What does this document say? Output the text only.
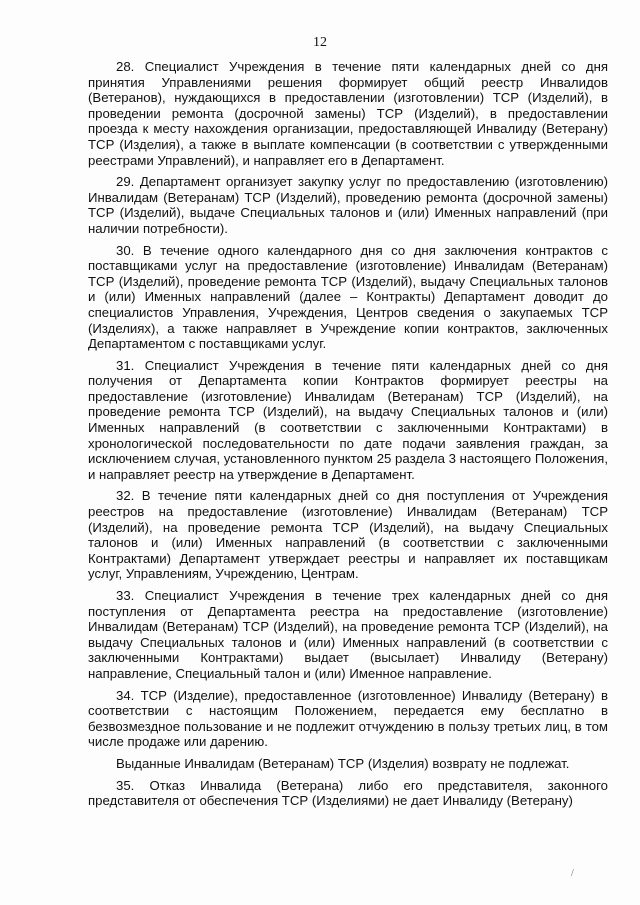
12

28. Специалист Учреждения в течение пяти календарных дней со дня принятия Управлениями решения формирует общий реестр Инвалидов (Ветеранов), нуждающихся в предоставлении (изготовлении) ТСР (Изделий), в проведении ремонта (досрочной замены) ТСР (Изделий), в предоставлении проезда к месту нахождения организации, предоставляющей Инвалиду (Ветерану) ТСР (Изделия), а также в выплате компенсации (в соответствии с утвержденными реестрами Управлений), и направляет его в Департамент.

29. Департамент организует закупку услуг по предоставлению (изготовлению) Инвалидам (Ветеранам) ТСР (Изделий), проведению ремонта (досрочной замены) ТСР (Изделий), выдаче Специальных талонов и (или) Именных направлений (при наличии потребности).

30. В течение одного календарного дня со дня заключения контрактов с поставщиками услуг на предоставление (изготовление) Инвалидам (Ветеранам) ТСР (Изделий), проведение ремонта ТСР (Изделий), выдачу Специальных талонов и (или) Именных направлений (далее – Контракты) Департамент доводит до специалистов Управления, Учреждения, Центров сведения о закупаемых ТСР (Изделиях), а также направляет в Учреждение копии контрактов, заключенных Департаментом с поставщиками услуг.

31. Специалист Учреждения в течение пяти календарных дней со дня получения от Департамента копии Контрактов формирует реестры на предоставление (изготовление) Инвалидам (Ветеранам) ТСР (Изделий), на проведение ремонта ТСР (Изделий), на выдачу Специальных талонов и (или) Именных направлений (в соответствии с заключенными Контрактами) в хронологической последовательности по дате подачи заявления граждан, за исключением случая, установленного пунктом 25 раздела 3 настоящего Положения, и направляет реестр на утверждение в Департамент.

32. В течение пяти календарных дней со дня поступления от Учреждения реестров на предоставление (изготовление) Инвалидам (Ветеранам) ТСР (Изделий), на проведение ремонта ТСР (Изделий), на выдачу Специальных талонов и (или) Именных направлений (в соответствии с заключенными Контрактами) Департамент утверждает реестры и направляет их поставщикам услуг, Управлениям, Учреждению, Центрам.

33. Специалист Учреждения в течение трех календарных дней со дня поступления от Департамента реестра на предоставление (изготовление) Инвалидам (Ветеранам) ТСР (Изделий), на проведение ремонта ТСР (Изделий), на выдачу Специальных талонов и (или) Именных направлений (в соответствии с заключенными Контрактами) выдает (высылает) Инвалиду (Ветерану) направление, Специальный талон и (или) Именное направление.

34. ТСР (Изделие), предоставленное (изготовленное) Инвалиду (Ветерану) в соответствии с настоящим Положением, передается ему бесплатно в безвозмездное пользование и не подлежит отчуждению в пользу третьих лиц, в том числе продаже или дарению.

Выданные Инвалидам (Ветеранам) ТСР (Изделия) возврату не подлежат.

35. Отказ Инвалида (Ветерана) либо его представителя, законного представителя от обеспечения ТСР (Изделиями) не дает Инвалиду (Ветерану)

/
